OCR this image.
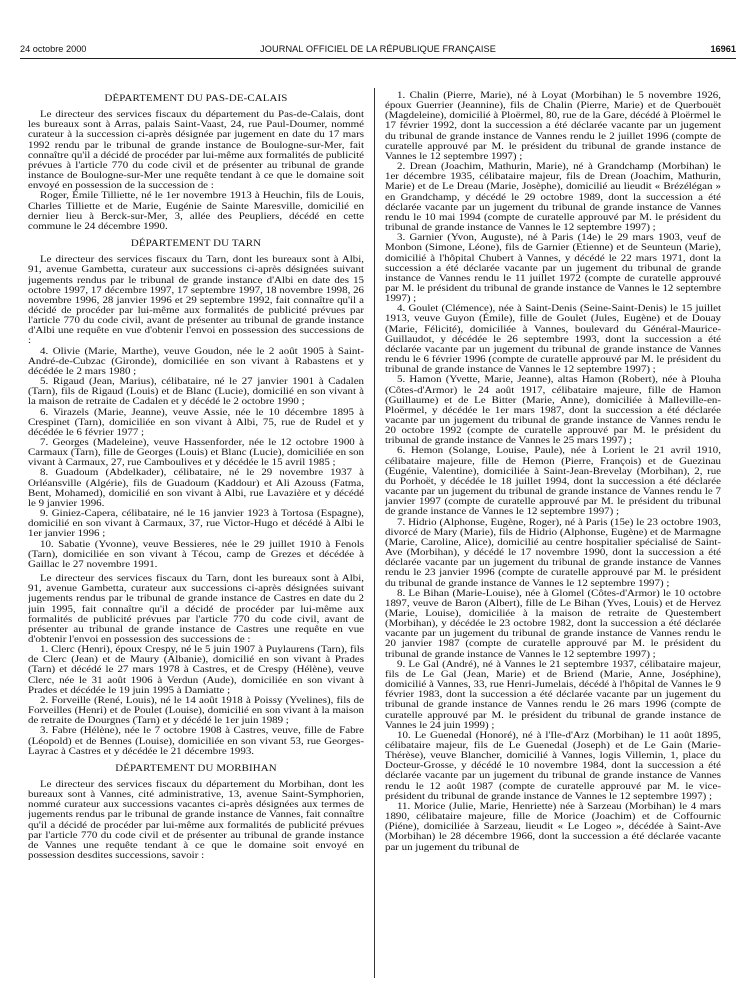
24 octobre 2000	JOURNAL OFFICIEL DE LA RÉPUBLIQUE FRANÇAISE	16961
DÉPARTEMENT DU PAS-DE-CALAIS

Le directeur des services fiscaux du département du Pas-de-Calais, dont les bureaux sont à Arras, palais Saint-Vaast, 24, rue Paul-Doumer, nommé curateur à la succession ci-après désignée par jugement en date du 17 mars 1992 rendu par le tribunal de grande instance de Boulogne-sur-Mer, fait connaître qu'il a décidé de procéder par lui-même aux formalités de publicité prévues à l'article 770 du code civil et de présenter au tribunal de grande instance de Boulogne-sur-Mer une requête tendant à ce que le domaine soit envoyé en possession de la succession de :

Roger, Émile Tilliette, né le 1er novembre 1913 à Heuchin, fils de Louis, Charles Tilliette et de Marie, Eugénie de Sainte Maresville, domicilié en dernier lieu à Berck-sur-Mer, 3, allée des Peupliers, décédé en cette commune le 24 décembre 1990.

DÉPARTEMENT DU TARN

Le directeur des services fiscaux du Tarn, dont les bureaux sont à Albi, 91, avenue Gambetta, curateur aux successions ci-après désignées suivant jugements rendus par le tribunal de grande instance d'Albi en date des 15 octobre 1997, 17 décembre 1997, 17 septembre 1997, 18 novembre 1998, 26 novembre 1996, 28 janvier 1996 et 29 septembre 1992, fait connaître qu'il a décidé de procéder par lui-même aux formalités de publicité prévues par l'article 770 du code civil, avant de présenter au tribunal de grande instance d'Albi une requête en vue d'obtenir l'envoi en possession des successions de :

4. Olivie (Marie, Marthe), veuve Goudon, née le 2 août 1905 à Saint-André-de-Cubzac (Gironde), domiciliée en son vivant à Rabastens et y décédée le 2 mars 1980 ;

5. Rigaud (Jean, Marius), célibataire, né le 27 janvier 1901 à Cadalen (Tarn), fils de Rigaud (Louis) et de Blanc (Lucie), domicilié en son vivant à la maison de retraite de Cadalen et y décédé le 2 octobre 1990 ;

6. Virazels (Marie, Jeanne), veuve Assie, née le 10 décembre 1895 à Crespinet (Tarn), domiciliée en son vivant à Albi, 75, rue de Rudel et y décédée le 6 février 1977 ;

7. Georges (Madeleine), veuve Hassenforder, née le 12 octobre 1900 à Carmaux (Tarn), fille de Georges (Louis) et Blanc (Lucie), domiciliée en son vivant à Carmaux, 27, rue Camboulives et y décédée le 15 avril 1985 ;

8. Guadoum (Abdelkader), célibataire, né le 29 novembre 1937 à Orléansville (Algérie), fils de Guadoum (Kaddour) et Ali Azouss (Fatma, Bent, Mohamed), domicilié en son vivant à Albi, rue Lavazière et y décédé le 9 janvier 1996.

9. Giniez-Capera, célibataire, né le 16 janvier 1923 à Tortosa (Espagne), domicilié en son vivant à Carmaux, 37, rue Victor-Hugo et décédé à Albi le 1er janvier 1996 ;

10. Sabatie (Yvonne), veuve Bessieres, née le 29 juillet 1910 à Fenols (Tarn), domiciliée en son vivant à Técou, camp de Grezes et décédée à Gaillac le 27 novembre 1991.

Le directeur des services fiscaux du Tarn, dont les bureaux sont à Albi, 91, avenue Gambetta, curateur aux successions ci-après désignées suivant jugements rendus par le tribunal de grande instance de Castres en date du 2 juin 1995, fait connaître qu'il a décidé de procéder par lui-même aux formalités de publicité prévues par l'article 770 du code civil, avant de présenter au tribunal de grande instance de Castres une requête en vue d'obtenir l'envoi en possession des successions de :

1. Clerc (Henri), époux Crespy, né le 5 juin 1907 à Puylaurens (Tarn), fils de Clerc (Jean) et de Maury (Albanie), domicilié en son vivant à Prades (Tarn) et décédé le 27 mars 1978 à Castres, et de Crespy (Hélène), veuve Clerc, née le 31 août 1906 à Verdun (Aude), domiciliée en son vivant à Prades et décédée le 19 juin 1995 à Damiatte ;

2. Forveille (René, Louis), né le 14 août 1918 à Poissy (Yvelines), fils de Forveilles (Henri) et de Poulet (Louise), domicilié en son vivant à la maison de retraite de Dourgnes (Tarn) et y décédé le 1er juin 1989 ;

3. Fabre (Hélène), née le 7 octobre 1908 à Castres, veuve, fille de Fabre (Léopold) et de Bennes (Louise), domiciliée en son vivant 53, rue Georges-Layrac à Castres et y décédée le 21 décembre 1993.

DÉPARTEMENT DU MORBIHAN

Le directeur des services fiscaux du département du Morbihan, dont les bureaux sont à Vannes, cité administrative, 13, avenue Saint-Symphorien, nommé curateur aux successions vacantes ci-après désignées aux termes de jugements rendus par le tribunal de grande instance de Vannes, fait connaître qu'il a décidé de procéder par lui-même aux formalités de publicité prévues par l'article 770 du code civil et de présenter au tribunal de grande instance de Vannes une requête tendant à ce que le domaine soit envoyé en possession desdites successions, savoir :

1. Chalin (Pierre, Marie), né à Loyat (Morbihan) le 5 novembre 1926, époux Guerrier (Jeannine), fils de Chalin (Pierre, Marie) et de Querbouët (Magdeleine), domicilié à Ploërmel, 80, rue de la Gare, décédé à Ploërmel le 17 février 1992, dont la succession a été déclarée vacante par un jugement du tribunal de grande instance de Vannes rendu le 2 juillet 1996 (compte de curatelle approuvé par M. le président du tribunal de grande instance de Vannes le 12 septembre 1997) ;

2. Drean (Joachim, Mathurin, Marie), né à Grandchamp (Morbihan) le 1er décembre 1935, célibataire majeur, fils de Drean (Joachim, Mathurin, Marie) et de Le Dreau (Marie, Josèphe), domicilié au lieudit « Brézélégan » en Grandchamp, y décédé le 29 octobre 1989, dont la succession a été déclarée vacante par un jugement du tribunal de grande instance de Vannes rendu le 10 mai 1994 (compte de curatelle approuvé par M. le président du tribunal de grande instance de Vannes le 12 septembre 1997) ;

3. Garnier (Yvon, Auguste), né à Paris (14e) le 29 mars 1903, veuf de Monbon (Simone, Léone), fils de Garnier (Etienne) et de Seunteun (Marie), domicilié à l'hôpital Chubert à Vannes, y décédé le 22 mars 1971, dont la succession a été déclarée vacante par un jugement du tribunal de grande instance de Vannes rendu le 11 juillet 1972 (compte de curatelle approuvé par M. le président du tribunal de grande instance de Vannes le 12 septembre 1997) ;

4. Goulet (Clémence), née à Saint-Denis (Seine-Saint-Denis) le 15 juillet 1913, veuve Guyon (Émile), fille de Goulet (Jules, Eugène) et de Douay (Marie, Félicité), domiciliée à Vannes, boulevard du Général-Maurice-Guillaudot, y décédée le 26 septembre 1993, dont la succession a été déclarée vacante par un jugement du tribunal de grande instance de Vannes rendu le 6 février 1996 (compte de curatelle approuvé par M. le président du tribunal de grande instance de Vannes le 12 septembre 1997) ;

5. Hamon (Yvette, Marie, Jeanne), altas Hamon (Robert), née à Plouha (Côtes-d'Armor) le 24 août 1917, célibataire majeure, fille de Hamon (Guillaume) et de Le Bitter (Marie, Anne), domiciliée à Malleville-en-Ploërmel, y décédée le 1er mars 1987, dont la succession a été déclarée vacante par un jugement du tribunal de grande instance de Vannes rendu le 20 octobre 1992 (compte de curatelle approuvé par M. le président du tribunal de grande instance de Vannes le 25 mars 1997) ;

6. Hemon (Solange, Louise, Paule), née à Lorient le 21 avril 1910, célibataire majeure, fille de Hemon (Pierre, François) et de Guezinau (Eugénie, Valentine), domiciliée à Saint-Jean-Brevelay (Morbihan), 2, rue du Porhoët, y décédée le 18 juillet 1994, dont la succession a été déclarée vacante par un jugement du tribunal de grande instance de Vannes rendu le 7 janvier 1997 (compte de curatelle approuvé par M. le président du tribunal de grande instance de Vannes le 12 septembre 1997) ;

7. Hidrio (Alphonse, Eugène, Roger), né à Paris (15e) le 23 octobre 1903, divorcé de Mary (Marie), fils de Hidrio (Alphonse, Eugène) et de Marmagne (Marie, Caroline, Alice), domicilié au centre hospitalier spécialisé de Saint-Ave (Morbihan), y décédé le 17 novembre 1990, dont la succession a été déclarée vacante par un jugement du tribunal de grande instance de Vannes rendu le 23 janvier 1996 (compte de curatelle approuvé par M. le président du tribunal de grande instance de Vannes le 12 septembre 1997) ;

8. Le Bihan (Marie-Louise), née à Glomel (Côtes-d'Armor) le 10 octobre 1897, veuve de Baron (Albert), fille de Le Bihan (Yves, Louis) et de Hervez (Marie, Louise), domiciliée à la maison de retraite de Questembert (Morbihan), y décédée le 23 octobre 1982, dont la succession a été déclarée vacante par un jugement du tribunal de grande instance de Vannes rendu le 20 janvier 1987 (compte de curatelle approuvé par M. le président du tribunal de grande instance de Vannes le 12 septembre 1997) ;

9. Le Gal (André), né à Vannes le 21 septembre 1937, célibataire majeur, fils de Le Gal (Jean, Marie) et de Briend (Marie, Anne, Joséphine), domicilié à Vannes, 33, rue Henri-Jumelais, décédé à l'hôpital de Vannes le 9 février 1983, dont la succession a été déclarée vacante par un jugement du tribunal de grande instance de Vannes rendu le 26 mars 1996 (compte de curatelle approuvé par M. le président du tribunal de grande instance de Vannes le 24 juin 1999) ;

10. Le Guenedal (Honoré), né à l'Ile-d'Arz (Morbihan) le 11 août 1895, célibataire majeur, fils de Le Guenedal (Joseph) et de Le Gain (Marie-Thérèse), veuve Blancher, domicilié à Vannes, logis Villemin, 1, place du Docteur-Grosse, y décédé le 10 novembre 1984, dont la succession a été déclarée vacante par un jugement du tribunal de grande instance de Vannes rendu le 12 août 1987 (compte de curatelle approuvé par M. le vice-président du tribunal de grande instance de Vannes le 12 septembre 1997) ;

11. Morice (Julie, Marie, Henriette) née à Sarzeau (Morbihan) le 4 mars 1890, célibataire majeure, fille de Morice (Joachim) et de Coffournic (Piéne), domiciliée à Sarzeau, lieudit « Le Logeo », décédée à Saint-Ave (Morbihan) le 28 décembre 1966, dont la succession a été déclarée vacante par un jugement du tribunal de
